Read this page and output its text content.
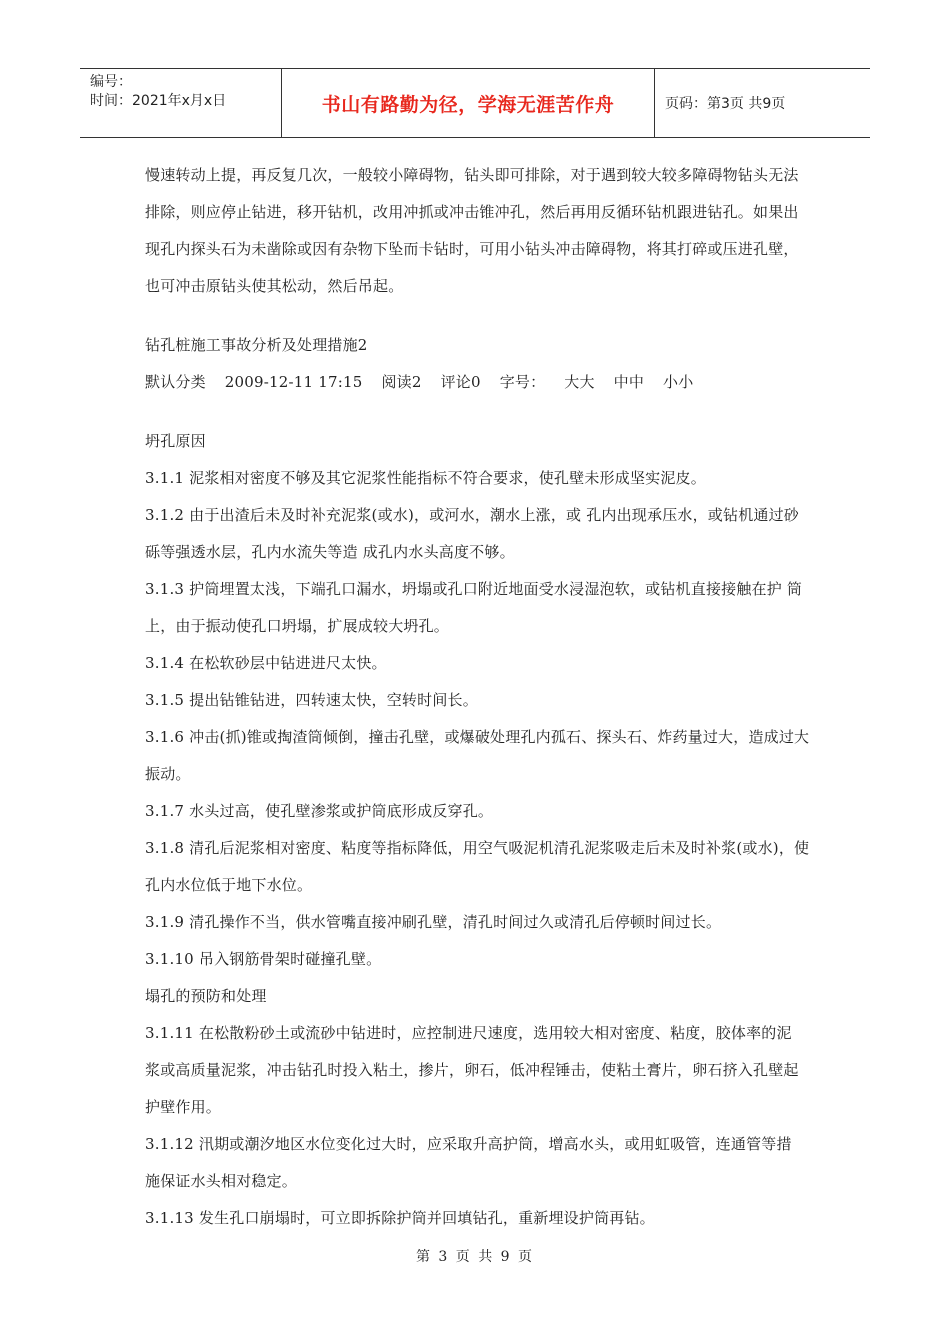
编号：
时间：2021年x月x日	书山有路勤为径，学海无涯苦作舟	页码：第3页 共9页

慢速转动上提，再反复几次，一般较小障碍物，钻头即可排除，对于遇到较大较多障碍物钻头无法排除，则应停止钻进，移开钻机，改用冲抓或冲击锥冲孔，然后再用反循环钻机跟进钻孔。如果出现孔内探头石为未凿除或因有杂物下坠而卡钻时，可用小钻头冲击障碍物，将其打碎或压进孔壁，也可冲击原钻头使其松动，然后吊起。

钻孔桩施工事故分析及处理措施2

默认分类 2009-12-11 17:15 阅读2 评论0 字号： 大大 中中 小小

坍孔原因

3.1.1 泥浆相对密度不够及其它泥浆性能指标不符合要求，使孔壁未形成坚实泥皮。

3.1.2 由于出渣后未及时补充泥浆(或水)，或河水，潮水上涨，或 孔内出现承压水，或钻机通过砂砾等强透水层，孔内水流失等造 成孔内水头高度不够。

3.1.3 护筒埋置太浅，下端孔口漏水，坍塌或孔口附近地面受水浸湿泡软，或钻机直接接触在护 筒上，由于振动使孔口坍塌，扩展成较大坍孔。

3.1.4 在松软砂层中钻进进尺太快。

3.1.5 提出钻锥钻进，四转速太快，空转时间长。

3.1.6 冲击(抓)锥或掏渣筒倾倒，撞击孔壁，或爆破处理孔内孤石、探头石、炸药量过大，造成过大振动。

3.1.7 水头过高，使孔壁渗浆或护筒底形成反穿孔。

3.1.8 清孔后泥浆相对密度、粘度等指标降低，用空气吸泥机清孔泥浆吸走后未及时补浆(或水)，使孔内水位低于地下水位。

3.1.9 清孔操作不当，供水管嘴直接冲刷孔壁，清孔时间过久或清孔后停顿时间过长。

3.1.10 吊入钢筋骨架时碰撞孔壁。

塌孔的预防和处理

3.1.11 在松散粉砂土或流砂中钻进时，应控制进尺速度，选用较大相对密度、粘度，胶体率的泥 浆或高质量泥浆，冲击钻孔时投入粘土，掺片，卵石，低冲程锤击，使粘土膏片，卵石挤入孔壁起护壁作用。

3.1.12 汛期或潮汐地区水位变化过大时，应采取升高护筒，增高水头，或用虹吸管，连通管等措 施保证水头相对稳定。

3.1.13 发生孔口崩塌时，可立即拆除护筒并回填钻孔，重新埋设护筒再钻。

第 3 页 共 9 页
